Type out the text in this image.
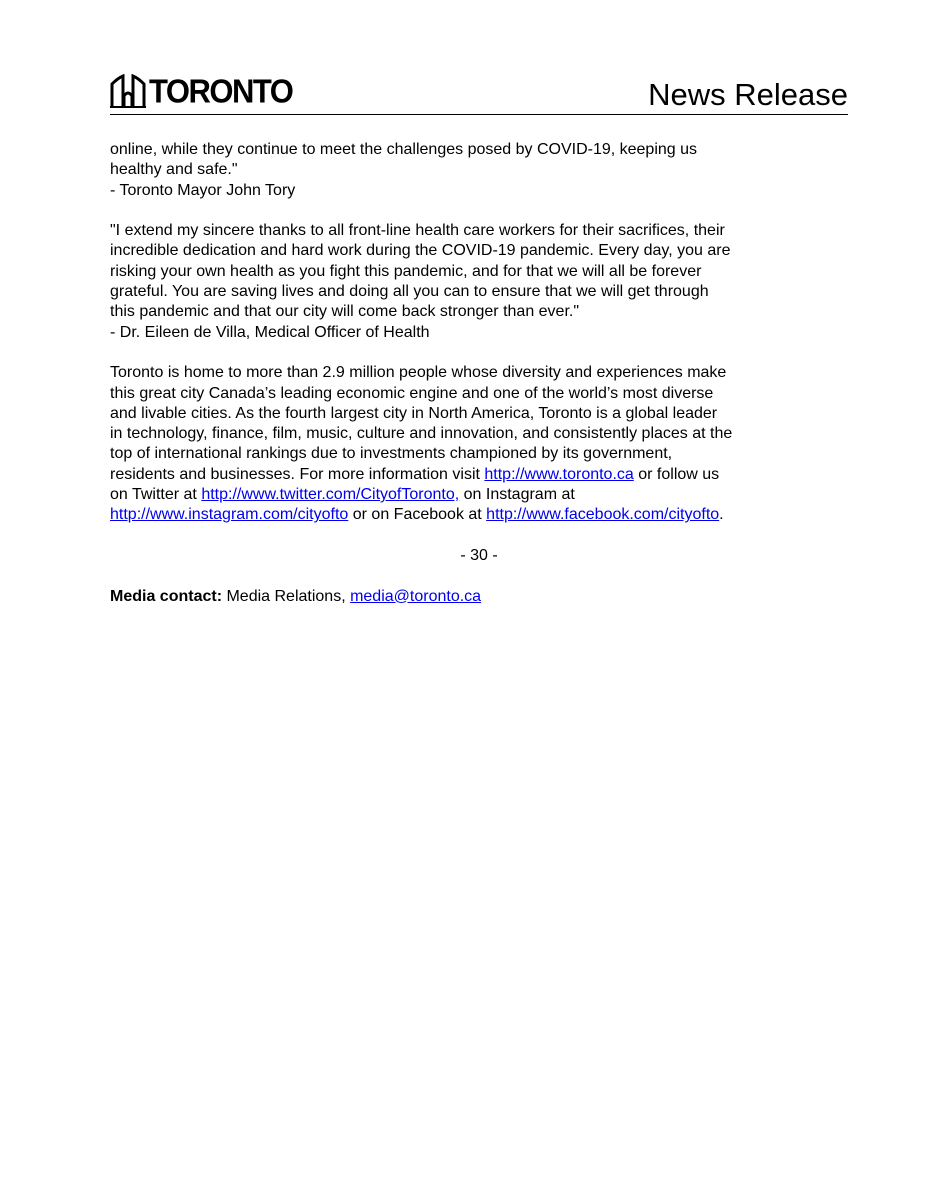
TORONTO	News Release

online, while they continue to meet the challenges posed by COVID-19, keeping us

healthy and safe."

- Toronto Mayor John Tory

"I extend my sincere thanks to all front-line health care workers for their sacrifices, their

incredible dedication and hard work during the COVID-19 pandemic. Every day, you are

risking your own health as you fight this pandemic, and for that we will all be forever

grateful. You are saving lives and doing all you can to ensure that we will get through

this pandemic and that our city will come back stronger than ever."

- Dr. Eileen de Villa, Medical Officer of Health

Toronto is home to more than 2.9 million people whose diversity and experiences make

this great city Canada’s leading economic engine and one of the world’s most diverse

and livable cities. As the fourth largest city in North America, Toronto is a global leader

in technology, finance, film, music, culture and innovation, and consistently places at the

top of international rankings due to investments championed by its government,

residents and businesses. For more information visit http://www.toronto.ca or follow us

on Twitter at http://www.twitter.com/CityofToronto, on Instagram at

http://www.instagram.com/cityofto or on Facebook at http://www.facebook.com/cityofto.

- 30 -

Media contact: Media Relations, media@toronto.ca
